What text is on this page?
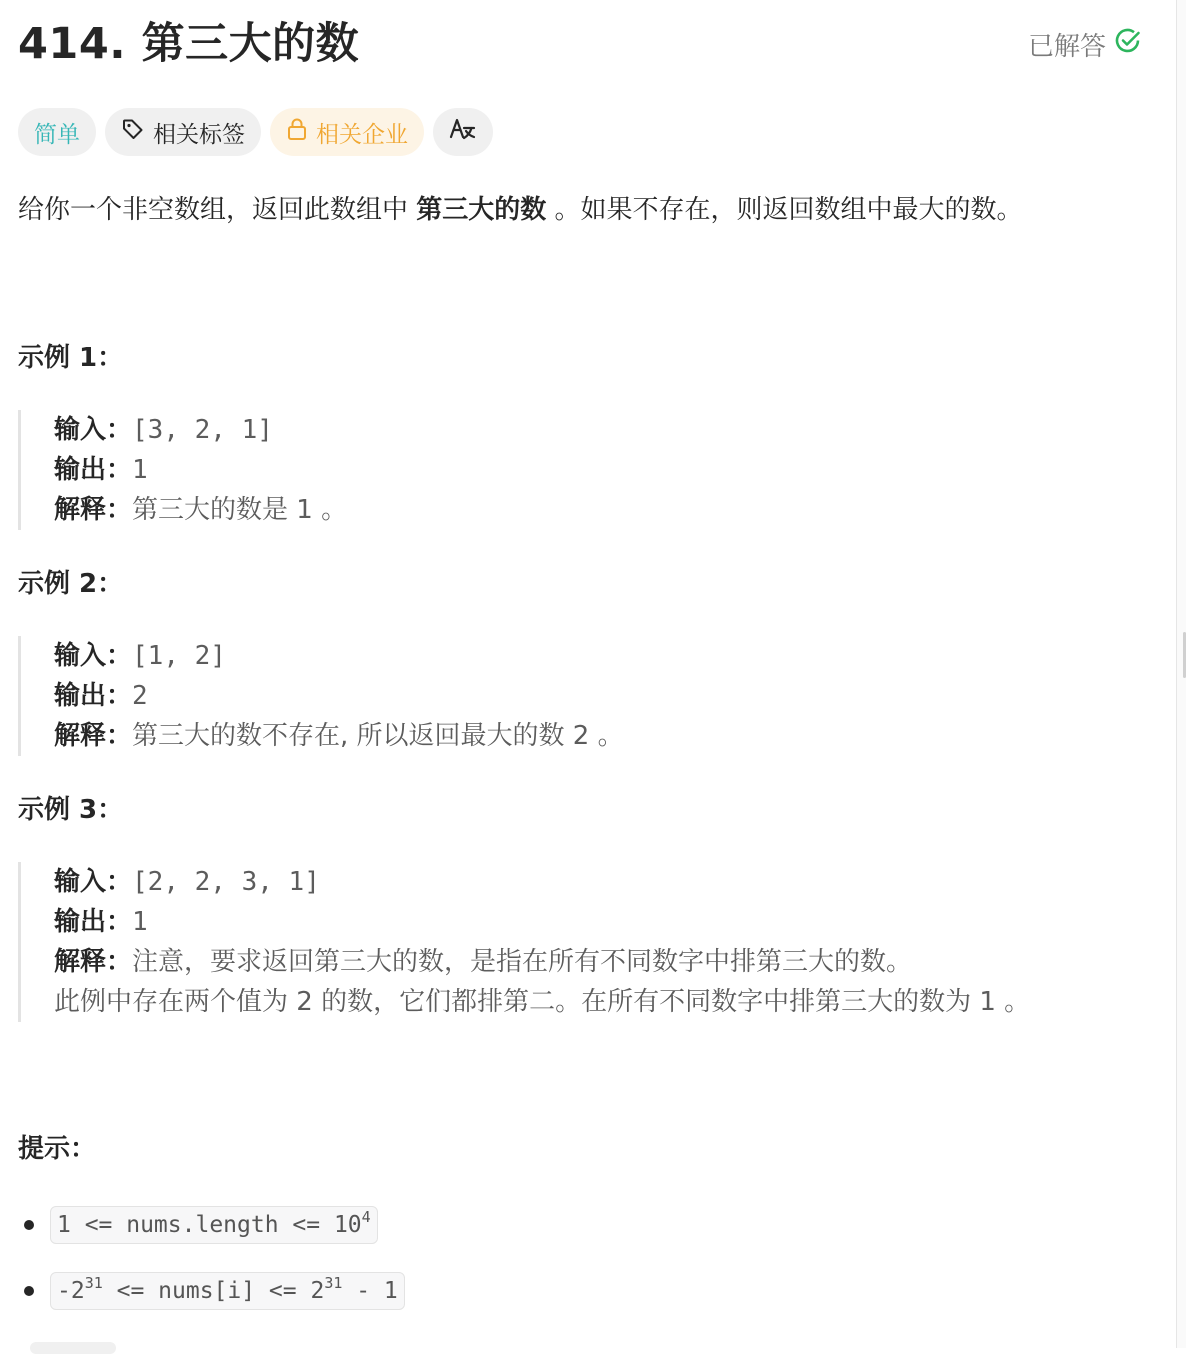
414. 第三大的数	已解答
简单	相关标签	相关企业
给你一个非空数组，返回此数组中 第三大的数 。如果不存在，则返回数组中最大的数。
示例 1：
输入：[3, 2, 1]
输出：1
解释：第三大的数是 1 。
示例 2：
输入：[1, 2]
输出：2
解释：第三大的数不存在, 所以返回最大的数 2 。
示例 3：
输入：[2, 2, 3, 1]
输出：1
解释：注意，要求返回第三大的数，是指在所有不同数字中排第三大的数。
此例中存在两个值为 2 的数，它们都排第二。在所有不同数字中排第三大的数为 1 。
提示：
1 <= nums.length <= $10^4$
$-2^{31}$ <= nums[i] <= $2^{31} - 1$
